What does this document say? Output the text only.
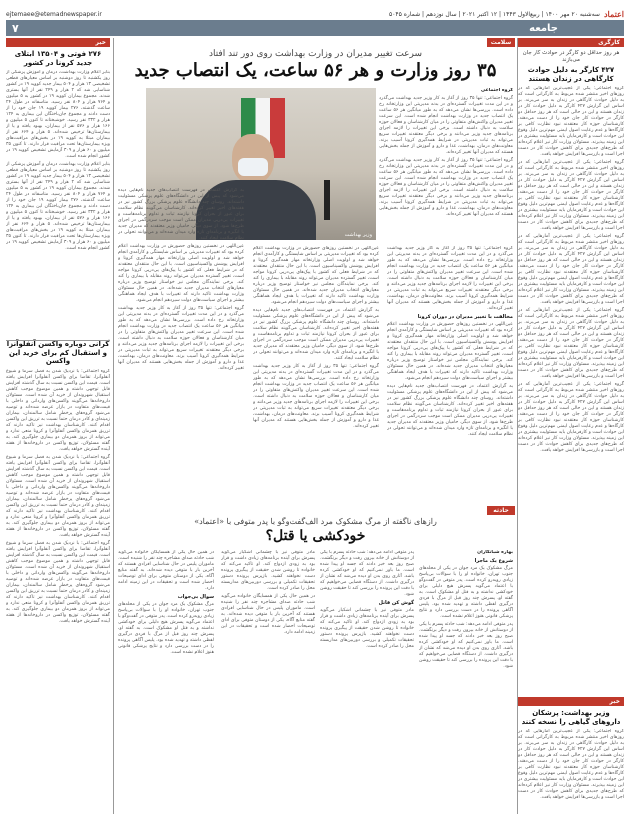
اعتماد
سه‌شنبه ۲۰ مهر ۱۴۰۰ | ربیع‌الاول ۱۴۴۳ | ۱۲ اکتبر ۲۰۲۱ | سال نوزدهم | شماره ۵۰۴۵
ejtemaee@etemadnewspaper.ir
جامعه
۷
کارگری
هر روز حداقل دو کارگر در حوادث کار جان می‌بازند
۴۲۷ کارگر به دلیل حوادث کارگاهی در زندان هستند

گروه اجتماعی: یکی از عجیب‌ترین آمارهایی که در روزهای اخیر منتشر شده مربوط به کارگرانی است که به دلیل حوادث کارگاهی در زندان به سر می‌برند. بر اساس این گزارش ۴۲۷ کارگر به دلیل حوادث کار در زندان هستند و این در حالی است که هر روز حداقل دو کارگر در حوادث کار جان خود را از دست می‌دهند. کارشناسان حوزه کار معتقدند نبود نظارت کافی بر کارگاه‌ها و عدم رعایت اصول ایمنی مهم‌ترین دلیل وقوع این حوادث است و کارفرمایان باید مسئولیت بیشتری در این زمینه بپذیرند. مسئولان وزارت کار نیز اعلام کرده‌اند که طرح‌های جدیدی برای کاهش حوادث کار در دست اجرا است و بازرسی‌ها افزایش خواهد یافت.

گروه اجتماعی: یکی از عجیب‌ترین آمارهایی که در روزهای اخیر منتشر شده مربوط به کارگرانی است که به دلیل حوادث کارگاهی در زندان به سر می‌برند. بر اساس این گزارش ۴۲۷ کارگر به دلیل حوادث کار در زندان هستند و این در حالی است که هر روز حداقل دو کارگر در حوادث کار جان خود را از دست می‌دهند. کارشناسان حوزه کار معتقدند نبود نظارت کافی بر کارگاه‌ها و عدم رعایت اصول ایمنی مهم‌ترین دلیل وقوع این حوادث است و کارفرمایان باید مسئولیت بیشتری در این زمینه بپذیرند. مسئولان وزارت کار نیز اعلام کرده‌اند که طرح‌های جدیدی برای کاهش حوادث کار در دست اجرا است و بازرسی‌ها افزایش خواهد یافت.

گروه اجتماعی: یکی از عجیب‌ترین آمارهایی که در روزهای اخیر منتشر شده مربوط به کارگرانی است که به دلیل حوادث کارگاهی در زندان به سر می‌برند. بر اساس این گزارش ۴۲۷ کارگر به دلیل حوادث کار در زندان هستند و این در حالی است که هر روز حداقل دو کارگر در حوادث کار جان خود را از دست می‌دهند. کارشناسان حوزه کار معتقدند نبود نظارت کافی بر کارگاه‌ها و عدم رعایت اصول ایمنی مهم‌ترین دلیل وقوع این حوادث است و کارفرمایان باید مسئولیت بیشتری در این زمینه بپذیرند. مسئولان وزارت کار نیز اعلام کرده‌اند که طرح‌های جدیدی برای کاهش حوادث کار در دست اجرا است و بازرسی‌ها افزایش خواهد یافت.

گروه اجتماعی: یکی از عجیب‌ترین آمارهایی که در روزهای اخیر منتشر شده مربوط به کارگرانی است که به دلیل حوادث کارگاهی در زندان به سر می‌برند. بر اساس این گزارش ۴۲۷ کارگر به دلیل حوادث کار در زندان هستند و این در حالی است که هر روز حداقل دو کارگر در حوادث کار جان خود را از دست می‌دهند. کارشناسان حوزه کار معتقدند نبود نظارت کافی بر کارگاه‌ها و عدم رعایت اصول ایمنی مهم‌ترین دلیل وقوع این حوادث است و کارفرمایان باید مسئولیت بیشتری در این زمینه بپذیرند. مسئولان وزارت کار نیز اعلام کرده‌اند که طرح‌های جدیدی برای کاهش حوادث کار در دست اجرا است و بازرسی‌ها افزایش خواهد یافت.

گروه اجتماعی: یکی از عجیب‌ترین آمارهایی که در روزهای اخیر منتشر شده مربوط به کارگرانی است که به دلیل حوادث کارگاهی در زندان به سر می‌برند. بر اساس این گزارش ۴۲۷ کارگر به دلیل حوادث کار در زندان هستند و این در حالی است که هر روز حداقل دو کارگر در حوادث کار جان خود را از دست می‌دهند. کارشناسان حوزه کار معتقدند نبود نظارت کافی بر کارگاه‌ها و عدم رعایت اصول ایمنی مهم‌ترین دلیل وقوع این حوادث است و کارفرمایان باید مسئولیت بیشتری در این زمینه بپذیرند. مسئولان وزارت کار نیز اعلام کرده‌اند که طرح‌های جدیدی برای کاهش حوادث کار در دست اجرا است و بازرسی‌ها افزایش خواهد یافت.

خبر
وزیر بهداشت: پزشکان داروهای گیاهی را نسخه کنند

گروه اجتماعی: یکی از عجیب‌ترین آمارهایی که در روزهای اخیر منتشر شده مربوط به کارگرانی است که به دلیل حوادث کارگاهی در زندان به سر می‌برند. بر اساس این گزارش ۴۲۷ کارگر به دلیل حوادث کار در زندان هستند و این در حالی است که هر روز حداقل دو کارگر در حوادث کار جان خود را از دست می‌دهند. کارشناسان حوزه کار معتقدند نبود نظارت کافی بر کارگاه‌ها و عدم رعایت اصول ایمنی مهم‌ترین دلیل وقوع این حوادث است و کارفرمایان باید مسئولیت بیشتری در این زمینه بپذیرند. مسئولان وزارت کار نیز اعلام کرده‌اند که طرح‌های جدیدی برای کاهش حوادث کار در دست اجرا است و بازرسی‌ها افزایش خواهد یافت.

خبر
۲۷۶ فوتی و ۱۳۵۰۴ ابتلای جدید کرونا در کشور

بنابر اعلام وزارت بهداشت، درمان و آموزش پزشکی از روز یکشنبه تا روز دوشنبه بر اساس معیارهای قطعی تشخیصی ۱۳ هزار و ۵۰۴ بیمار جدید کووید ۱۹ در کشور شناسایی شد که ۲ هزار و ۲۴۹ نفر از آنها بستری شدند. مجموع بیماران کووید ۱۹ در کشور به ۵ میلیون و ۷۶۴ هزار و ۸۰۴ نفر رسید. متاسفانه در طول ۲۴ ساعت گذشته، ۲۷۶ بیمار کووید ۱۹ جان خود را از دست دادند و مجموع جان‌باختگان این بیماری به ۱۲۴ هزار و ۳۳۲ نفر رسید. خوشبختانه تا کنون ۵ میلیون و ۱۶۶ هزار و ۵۷۶ نفر از بیماران، بهبود یافته و یا از بیمارستان‌ها ترخیص شده‌اند. ۵ هزار و ۶۶۴ نفر از بیماران مبتلا به کووید ۱۹ در بخش‌های مراقبت‌های ویژه بیمارستان‌ها تحت مراقبت قرار دارند. تا کنون ۳۵ میلیون و ۶۰ هزار و ۳۰۹ آزمایش تشخیص کووید ۱۹ در کشور انجام شده است.

بنابر اعلام وزارت بهداشت، درمان و آموزش پزشکی از روز یکشنبه تا روز دوشنبه بر اساس معیارهای قطعی تشخیصی ۱۳ هزار و ۵۰۴ بیمار جدید کووید ۱۹ در کشور شناسایی شد که ۲ هزار و ۲۴۹ نفر از آنها بستری شدند. مجموع بیماران کووید ۱۹ در کشور به ۵ میلیون و ۷۶۴ هزار و ۸۰۴ نفر رسید. متاسفانه در طول ۲۴ ساعت گذشته، ۲۷۶ بیمار کووید ۱۹ جان خود را از دست دادند و مجموع جان‌باختگان این بیماری به ۱۲۴ هزار و ۳۳۲ نفر رسید. خوشبختانه تا کنون ۵ میلیون و ۱۶۶ هزار و ۵۷۶ نفر از بیماران، بهبود یافته و یا از بیمارستان‌ها ترخیص شده‌اند. ۵ هزار و ۶۶۴ نفر از بیماران مبتلا به کووید ۱۹ در بخش‌های مراقبت‌های ویژه بیمارستان‌ها تحت مراقبت قرار دارند. تا کنون ۳۵ میلیون و ۶۰ هزار و ۳۰۹ آزمایش تشخیص کووید ۱۹ در کشور انجام شده است.

گرانی دوباره واکسن آنفلوآنزا و استقبال کم برای خرید این واکسن

گروه اجتماعی: با نزدیک شدن به فصل سرما و شیوع آنفلوآنزا، تقاضا برای واکسن آنفلوآنزا افزایش یافته است. قیمت این واکسن نسبت به سال گذشته افزایش قابل توجهی داشته و همین موضوع موجب کاهش استقبال شهروندان از خرید آن شده است. مسئولان داروخانه‌ها می‌گویند واکسن‌های وارداتی و داخلی با قیمت‌های متفاوت در بازار عرضه شده‌اند و توصیه می‌شود گروه‌های پرخطر شامل سالمندان، بیماران زمینه‌ای و کادر درمان حتماً نسبت به تزریق این واکسن اقدام کنند. کارشناسان بهداشت نیز تاکید دارند که تزریق همزمان واکسن آنفلوآنزا و کرونا منعی ندارد و می‌تواند از بروز همزمان دو بیماری جلوگیری کند. به گفته مسئولان، توزیع واکسن در داروخانه‌ها از هفته آینده گسترش خواهد یافت.

گروه اجتماعی: با نزدیک شدن به فصل سرما و شیوع آنفلوآنزا، تقاضا برای واکسن آنفلوآنزا افزایش یافته است. قیمت این واکسن نسبت به سال گذشته افزایش قابل توجهی داشته و همین موضوع موجب کاهش استقبال شهروندان از خرید آن شده است. مسئولان داروخانه‌ها می‌گویند واکسن‌های وارداتی و داخلی با قیمت‌های متفاوت در بازار عرضه شده‌اند و توصیه می‌شود گروه‌های پرخطر شامل سالمندان، بیماران زمینه‌ای و کادر درمان حتماً نسبت به تزریق این واکسن اقدام کنند. کارشناسان بهداشت نیز تاکید دارند که تزریق همزمان واکسن آنفلوآنزا و کرونا منعی ندارد و می‌تواند از بروز همزمان دو بیماری جلوگیری کند. به گفته مسئولان، توزیع واکسن در داروخانه‌ها از هفته آینده گسترش خواهد یافت.

گروه اجتماعی: با نزدیک شدن به فصل سرما و شیوع آنفلوآنزا، تقاضا برای واکسن آنفلوآنزا افزایش یافته است. قیمت این واکسن نسبت به سال گذشته افزایش قابل توجهی داشته و همین موضوع موجب کاهش استقبال شهروندان از خرید آن شده است. مسئولان داروخانه‌ها می‌گویند واکسن‌های وارداتی و داخلی با قیمت‌های متفاوت در بازار عرضه شده‌اند و توصیه می‌شود گروه‌های پرخطر شامل سالمندان، بیماران زمینه‌ای و کادر درمان حتماً نسبت به تزریق این واکسن اقدام کنند. کارشناسان بهداشت نیز تاکید دارند که تزریق همزمان واکسن آنفلوآنزا و کرونا منعی ندارد و می‌تواند از بروز همزمان دو بیماری جلوگیری کند. به گفته مسئولان، توزیع واکسن در داروخانه‌ها از هفته آینده گسترش خواهد یافت.

سلامت
سرعت تغییر مدیران در وزارت بهداشت روی دور تند افتاد
۳۵ روز وزارت و هر ۵۶ ساعت، یک انتصاب جدید
وزیر بهداشت

گروه اجتماعی

گروه اجتماعی: تنها ۳۵ روز از آغاز به کار وزیر جدید بهداشت می‌گذرد و در این مدت تغییرات گسترده‌ای در بدنه مدیریتی این وزارتخانه رخ داده است. بررسی‌ها نشان می‌دهد که به طور میانگین هر ۵۶ ساعت یک انتصاب جدید در وزارت بهداشت انجام شده است. این سرعت تغییر مدیران واکنش‌های متفاوتی را در میان کارشناسان و فعالان حوزه سلامت به دنبال داشته است. برخی این تغییرات را لازمه اجرای برنامه‌های جدید وزیر می‌دانند و برخی دیگر معتقدند تغییرات سریع می‌تواند به ثبات مدیریتی در شرایط همه‌گیری کرونا آسیب بزند. معاونت‌های درمان، بهداشت، غذا و دارو و آموزش از جمله بخش‌هایی هستند که مدیران آنها تغییر کرده‌اند.

گروه اجتماعی: تنها ۳۵ روز از آغاز به کار وزیر جدید بهداشت می‌گذرد و در این مدت تغییرات گسترده‌ای در بدنه مدیریتی این وزارتخانه رخ داده است. بررسی‌ها نشان می‌دهد که به طور میانگین هر ۵۶ ساعت یک انتصاب جدید در وزارت بهداشت انجام شده است. این سرعت تغییر مدیران واکنش‌های متفاوتی را در میان کارشناسان و فعالان حوزه سلامت به دنبال داشته است. برخی این تغییرات را لازمه اجرای برنامه‌های جدید وزیر می‌دانند و برخی دیگر معتقدند تغییرات سریع می‌تواند به ثبات مدیریتی در شرایط همه‌گیری کرونا آسیب بزند. معاونت‌های درمان، بهداشت، غذا و دارو و آموزش از جمله بخش‌هایی هستند که مدیران آنها تغییر کرده‌اند.

گروه اجتماعی: تنها ۳۵ روز از آغاز به کار وزیر جدید بهداشت می‌گذرد و در این مدت تغییرات گسترده‌ای در بدنه مدیریتی این وزارتخانه رخ داده است. بررسی‌ها نشان می‌دهد که به طور میانگین هر ۵۶ ساعت یک انتصاب جدید در وزارت بهداشت انجام شده است. این سرعت تغییر مدیران واکنش‌های متفاوتی را در میان کارشناسان و فعالان حوزه سلامت به دنبال داشته است. برخی این تغییرات را لازمه اجرای برنامه‌های جدید وزیر می‌دانند و برخی دیگر معتقدند تغییرات سریع می‌تواند به ثبات مدیریتی در شرایط همه‌گیری کرونا آسیب بزند. معاونت‌های درمان، بهداشت، غذا و دارو و آموزش از جمله بخش‌هایی هستند که مدیران آنها تغییر کرده‌اند.

مخالفت با تغییر مدیران در دوران کرونا

عین‌اللهی در نخستین روزهای حضورش در وزارت بهداشت اعلام کرده بود که تغییرات مدیریتی بر اساس شایستگی و کارآمدی انجام خواهد شد و اولویت اصلی وزارتخانه مهار همه‌گیری کرونا و افزایش پوشش واکسیناسیون است. با این حال منتقدان معتقدند که در شرایط فعلی که کشور با پیک‌های پی‌درپی کرونا مواجه است، تغییر گسترده مدیران می‌تواند روند مقابله با بیماری را کند کند. برخی نمایندگان مجلس نیز خواستار توضیح وزیر درباره معیارهای انتخاب مدیران جدید شده‌اند. در همین حال مسئولان وزارت بهداشت تاکید دارند که تغییرات با هدف ایجاد هماهنگی بیشتر و اجرای سیاست‌های دولت سیزدهم انجام می‌شود.

به گزارش اعتماد، در فهرست انتصاب‌های جدید نام‌هایی دیده می‌شود که پیش از این در دانشگاه‌های علوم پزشکی مسئولیت داشته‌اند. روسای چند دانشگاه علوم پزشکی بزرگ کشور نیز در هفته‌های اخیر تغییر کرده‌اند. کارشناسان می‌گویند نظام سلامت برای عبور از بحران کرونا نیازمند ثبات و تداوم برنامه‌هاست و تغییرات پی‌درپی مدیران ممکن است موجب سردرگمی در اجرای طرح‌ها شود. از سوی دیگر، حامیان وزیر معتقدند که مدیران جدید با انگیزه و برنامه‌ای تازه وارد میدان شده‌اند و می‌توانند تحولی در نظام سلامت ایجاد کنند.

عین‌اللهی در نخستین روزهای حضورش در وزارت بهداشت اعلام کرده بود که تغییرات مدیریتی بر اساس شایستگی و کارآمدی انجام خواهد شد و اولویت اصلی وزارتخانه مهار همه‌گیری کرونا و افزایش پوشش واکسیناسیون است. با این حال منتقدان معتقدند که در شرایط فعلی که کشور با پیک‌های پی‌درپی کرونا مواجه است، تغییر گسترده مدیران می‌تواند روند مقابله با بیماری را کند کند. برخی نمایندگان مجلس نیز خواستار توضیح وزیر درباره معیارهای انتخاب مدیران جدید شده‌اند. در همین حال مسئولان وزارت بهداشت تاکید دارند که تغییرات با هدف ایجاد هماهنگی بیشتر و اجرای سیاست‌های دولت سیزدهم انجام می‌شود.

به گزارش اعتماد، در فهرست انتصاب‌های جدید نام‌هایی دیده می‌شود که پیش از این در دانشگاه‌های علوم پزشکی مسئولیت داشته‌اند. روسای چند دانشگاه علوم پزشکی بزرگ کشور نیز در هفته‌های اخیر تغییر کرده‌اند. کارشناسان می‌گویند نظام سلامت برای عبور از بحران کرونا نیازمند ثبات و تداوم برنامه‌هاست و تغییرات پی‌درپی مدیران ممکن است موجب سردرگمی در اجرای طرح‌ها شود. از سوی دیگر، حامیان وزیر معتقدند که مدیران جدید با انگیزه و برنامه‌ای تازه وارد میدان شده‌اند و می‌توانند تحولی در نظام سلامت ایجاد کنند.

گروه اجتماعی: تنها ۳۵ روز از آغاز به کار وزیر جدید بهداشت می‌گذرد و در این مدت تغییرات گسترده‌ای در بدنه مدیریتی این وزارتخانه رخ داده است. بررسی‌ها نشان می‌دهد که به طور میانگین هر ۵۶ ساعت یک انتصاب جدید در وزارت بهداشت انجام شده است. این سرعت تغییر مدیران واکنش‌های متفاوتی را در میان کارشناسان و فعالان حوزه سلامت به دنبال داشته است. برخی این تغییرات را لازمه اجرای برنامه‌های جدید وزیر می‌دانند و برخی دیگر معتقدند تغییرات سریع می‌تواند به ثبات مدیریتی در شرایط همه‌گیری کرونا آسیب بزند. معاونت‌های درمان، بهداشت، غذا و دارو و آموزش از جمله بخش‌هایی هستند که مدیران آنها تغییر کرده‌اند.

به گزارش اعتماد، در فهرست انتصاب‌های جدید نام‌هایی دیده می‌شود که پیش از این در دانشگاه‌های علوم پزشکی مسئولیت داشته‌اند. روسای چند دانشگاه علوم پزشکی بزرگ کشور نیز در هفته‌های اخیر تغییر کرده‌اند. کارشناسان می‌گویند نظام سلامت برای عبور از بحران کرونا نیازمند ثبات و تداوم برنامه‌هاست و تغییرات پی‌درپی مدیران ممکن است موجب سردرگمی در اجرای طرح‌ها شود. از سوی دیگر، حامیان وزیر معتقدند که مدیران جدید با انگیزه و برنامه‌ای تازه وارد میدان شده‌اند و می‌توانند تحولی در نظام سلامت ایجاد کنند.

عین‌اللهی در نخستین روزهای حضورش در وزارت بهداشت اعلام کرده بود که تغییرات مدیریتی بر اساس شایستگی و کارآمدی انجام خواهد شد و اولویت اصلی وزارتخانه مهار همه‌گیری کرونا و افزایش پوشش واکسیناسیون است. با این حال منتقدان معتقدند که در شرایط فعلی که کشور با پیک‌های پی‌درپی کرونا مواجه است، تغییر گسترده مدیران می‌تواند روند مقابله با بیماری را کند کند. برخی نمایندگان مجلس نیز خواستار توضیح وزیر درباره معیارهای انتخاب مدیران جدید شده‌اند. در همین حال مسئولان وزارت بهداشت تاکید دارند که تغییرات با هدف ایجاد هماهنگی بیشتر و اجرای سیاست‌های دولت سیزدهم انجام می‌شود.

گروه اجتماعی: تنها ۳۵ روز از آغاز به کار وزیر جدید بهداشت می‌گذرد و در این مدت تغییرات گسترده‌ای در بدنه مدیریتی این وزارتخانه رخ داده است. بررسی‌ها نشان می‌دهد که به طور میانگین هر ۵۶ ساعت یک انتصاب جدید در وزارت بهداشت انجام شده است. این سرعت تغییر مدیران واکنش‌های متفاوتی را در میان کارشناسان و فعالان حوزه سلامت به دنبال داشته است. برخی این تغییرات را لازمه اجرای برنامه‌های جدید وزیر می‌دانند و برخی دیگر معتقدند تغییرات سریع می‌تواند به ثبات مدیریتی در شرایط همه‌گیری کرونا آسیب بزند. معاونت‌های درمان، بهداشت، غذا و دارو و آموزش از جمله بخش‌هایی هستند که مدیران آنها تغییر کرده‌اند.

حادثه
رازهای ناگفته از مرگ مشکوک مرد الف‌گفت‌وگو با پدر متوفی با «اعتماد»
خودکشی یا قتل؟

بهاره شبانکاران

شروع یک ماجرا

مرگ مشکوک یک مرد جوان در یکی از محله‌های جنوب تهران، خانواده او را با سوالات بی‌پاسخ زیادی روبه‌رو کرده است. پدر متوفی در گفت‌وگو با اعتماد می‌گوید پسرش هیچ دلیلی برای خودکشی نداشته و به قتل او مشکوک است. به گفته او، پسرش چند روز قبل از مرگ با فردی درگیری لفظی داشته و تهدید شده بود. پلیس آگاهی پرونده را در دست بررسی دارد و نتایج پزشکی قانونی هنوز اعلام نشده است.

پدر متوفی ادامه می‌دهد: شب حادثه پسرم با یکی از دوستانش از خانه بیرون رفت و دیگر برنگشت. صبح روز بعد خبر دادند که جسد او پیدا شده است. ما باور نمی‌کنیم که او خودکشی کرده باشد. آثاری روی بدن او دیده می‌شد که نشان از درگیری داشت. از دستگاه قضایی می‌خواهیم که با دقت این پرونده را بررسی کند تا حقیقت روشن شود.

پدر متوفی ادامه می‌دهد: شب حادثه پسرم با یکی از دوستانش از خانه بیرون رفت و دیگر برنگشت. صبح روز بعد خبر دادند که جسد او پیدا شده است. ما باور نمی‌کنیم که او خودکشی کرده باشد. آثاری روی بدن او دیده می‌شد که نشان از درگیری داشت. از دستگاه قضایی می‌خواهیم که با دقت این پرونده را بررسی کند تا حقیقت روشن شود.

گوش کن قاتل

مادر متوفی نیز با چشمانی اشکبار می‌گوید پسرش برای آینده برنامه‌های زیادی داشت و قرار بود به زودی ازدواج کند. او تاکید می‌کند که خانواده تا روشن شدن حقیقت از پیگیری پرونده دست نخواهند کشید. بازپرس پرونده دستور تحقیقات تکمیلی و بررسی دوربین‌های مداربسته محل را صادر کرده است.

مادر متوفی نیز با چشمانی اشکبار می‌گوید پسرش برای آینده برنامه‌های زیادی داشت و قرار بود به زودی ازدواج کند. او تاکید می‌کند که خانواده تا روشن شدن حقیقت از پیگیری پرونده دست نخواهند کشید. بازپرس پرونده دستور تحقیقات تکمیلی و بررسی دوربین‌های مداربسته محل را صادر کرده است.

در همین حال یکی از همسایگان خانواده می‌گوید شب حادثه صدای مشاجره چند نفر را شنیده است. ماموران پلیس در حال شناسایی افرادی هستند که آخرین بار با متوفی دیده شده‌اند. به گفته منابع آگاه، یکی از دوستان متوفی برای ادای توضیحات احضار شده است و تحقیقات در این زمینه ادامه دارد.

در همین حال یکی از همسایگان خانواده می‌گوید شب حادثه صدای مشاجره چند نفر را شنیده است. ماموران پلیس در حال شناسایی افرادی هستند که آخرین بار با متوفی دیده شده‌اند. به گفته منابع آگاه، یکی از دوستان متوفی برای ادای توضیحات احضار شده است و تحقیقات در این زمینه ادامه دارد.

سوال بی‌جواب

مرگ مشکوک یک مرد جوان در یکی از محله‌های جنوب تهران، خانواده او را با سوالات بی‌پاسخ زیادی روبه‌رو کرده است. پدر متوفی در گفت‌وگو با اعتماد می‌گوید پسرش هیچ دلیلی برای خودکشی نداشته و به قتل او مشکوک است. به گفته او، پسرش چند روز قبل از مرگ با فردی درگیری لفظی داشته و تهدید شده بود. پلیس آگاهی پرونده را در دست بررسی دارد و نتایج پزشکی قانونی هنوز اعلام نشده است.
